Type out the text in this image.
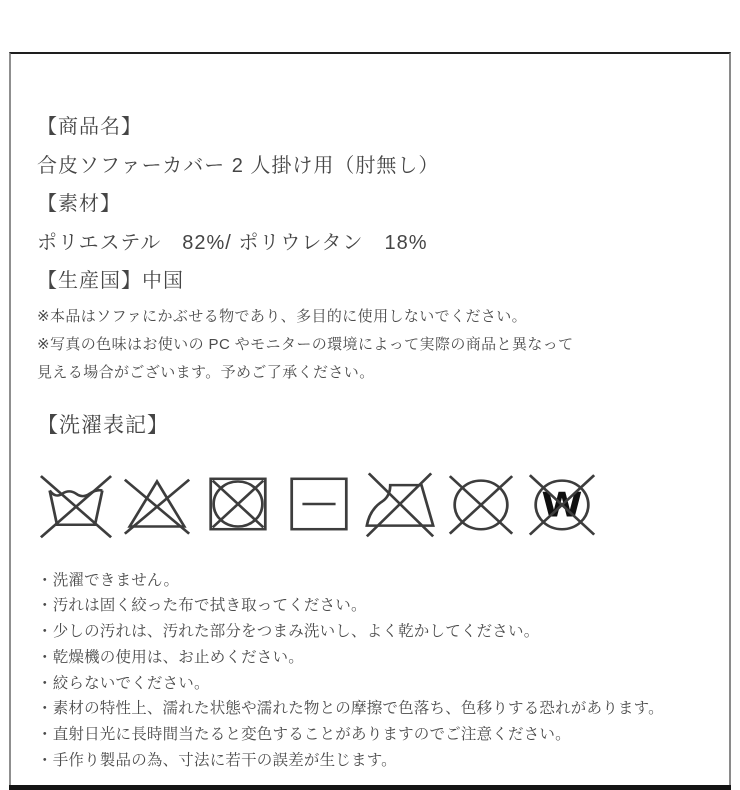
【商品名】

合皮ソファーカバー 2 人掛け用（肘無し）

【素材】

ポリエステル　82%/ ポリウレタン　18%

【生産国】中国

※本品はソファにかぶせる物であり、多目的に使用しないでください。

※写真の色味はお使いの PC やモニターの環境によって実際の商品と異なって

見える場合がございます。予めご了承ください。

【洗濯表記】

W

・洗濯できません。

・汚れは固く絞った布で拭き取ってください。

・少しの汚れは、汚れた部分をつまみ洗いし、よく乾かしてください。

・乾燥機の使用は、お止めください。

・絞らないでください。

・素材の特性上、濡れた状態や濡れた物との摩擦で色落ち、色移りする恐れがあります。

・直射日光に長時間当たると変色することがありますのでご注意ください。

・手作り製品の為、寸法に若干の誤差が生じます。
